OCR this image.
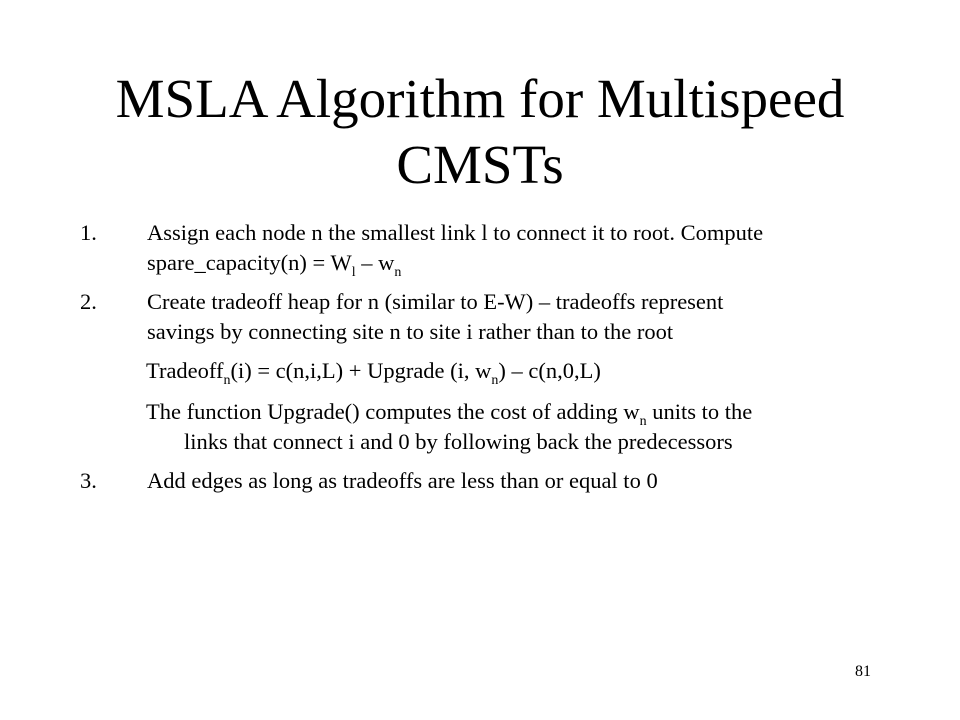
MSLA Algorithm for Multispeed
CMSTs
1.	Assign each node n the smallest link l to connect it to root. Compute
spare_capacity(n) = $W_l - w_n$
2.	Create tradeoff heap for n (similar to E-W) – tradeoffs represent
savings by connecting site n to site i rather than to the root
Tradeoff$_n$(i) = c(n,i,L) + Upgrade (i, $w_n) - c(n,0,L)$
The function Upgrade() computes the cost of adding $w_n$ units to the
links that connect i and 0 by following back the predecessors
3.	Add edges as long as tradeoffs are less than or equal to 0
81
